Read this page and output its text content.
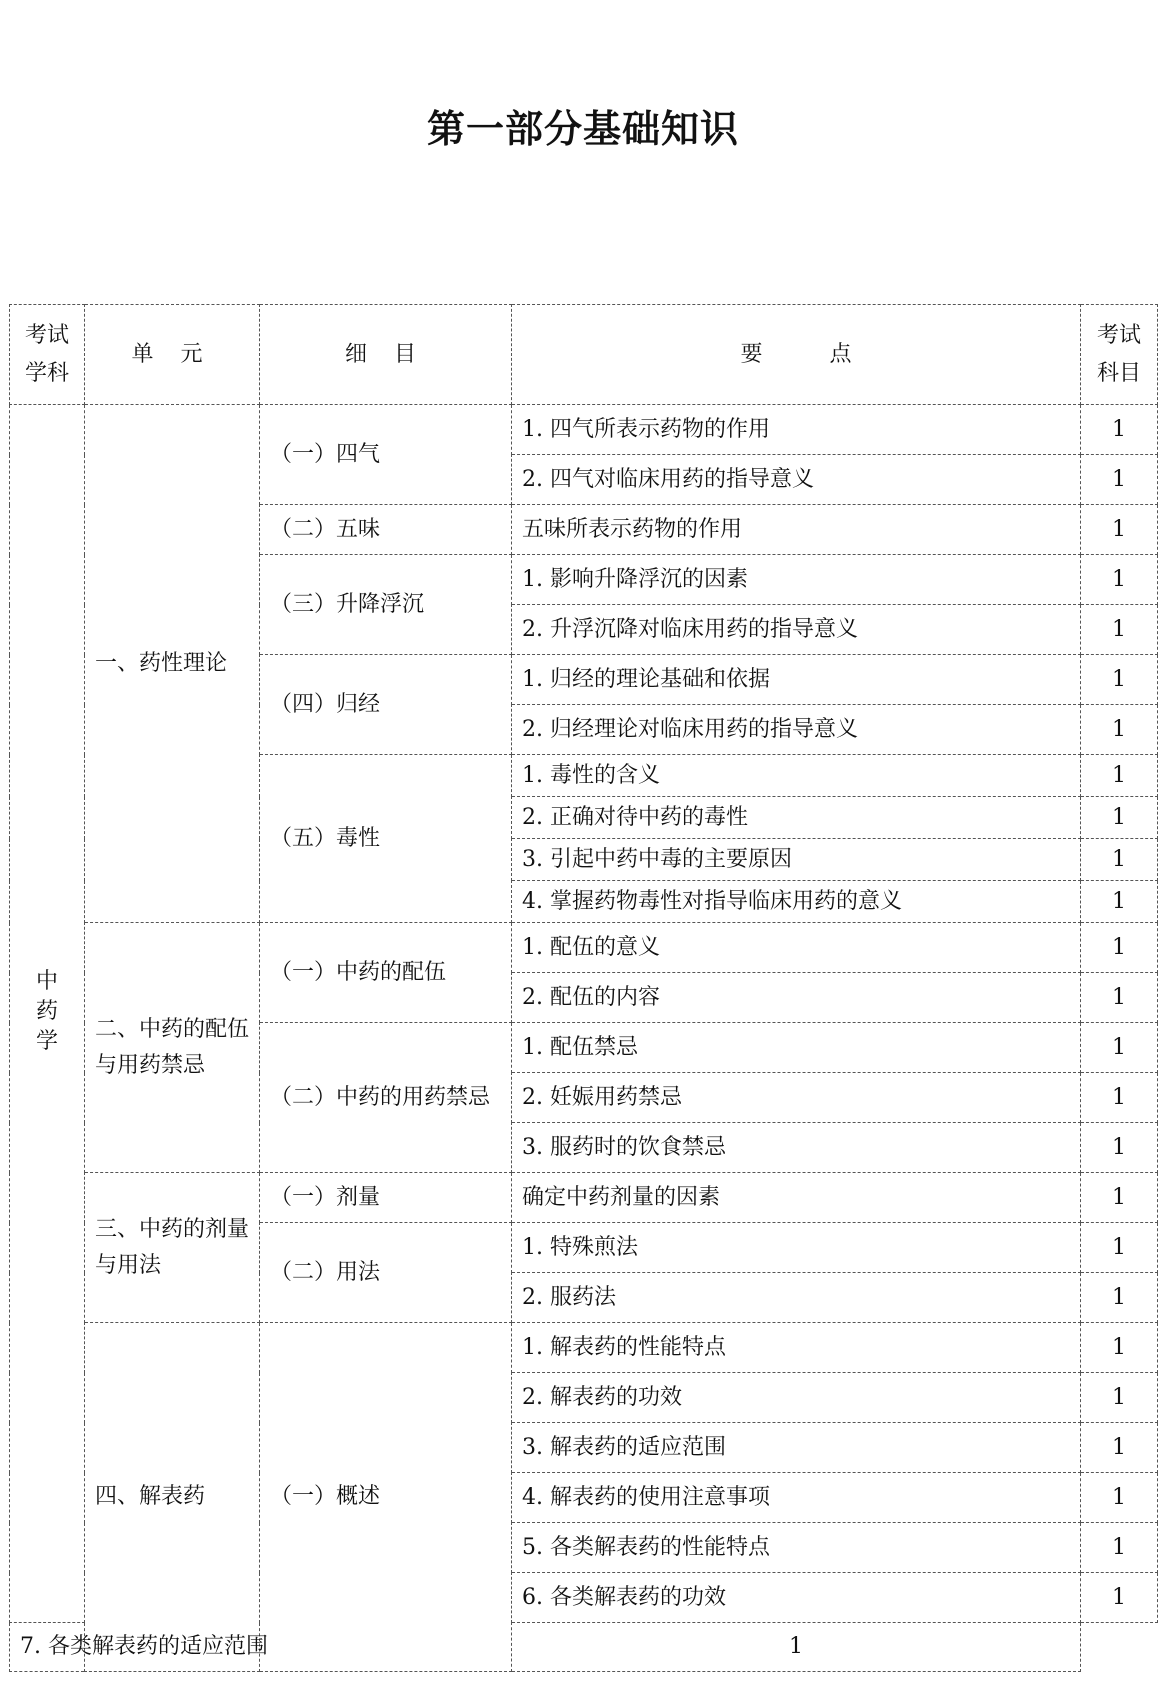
第一部分基础知识
考试学科	单 元	细 目	要 点	考试科目
中药学	一、药性理论	（一）四气	1. 四气所表示药物的作用	1
			2. 四气对临床用药的指导意义	1
		（二）五味	五味所表示药物的作用	1
		（三）升降浮沉	1. 影响升降浮沉的因素	1
			2. 升浮沉降对临床用药的指导意义	1
		（四）归经	1. 归经的理论基础和依据	1
			2. 归经理论对临床用药的指导意义	1
		（五）毒性	1. 毒性的含义	1
			2. 正确对待中药的毒性	1
			3. 引起中药中毒的主要原因	1
			4. 掌握药物毒性对指导临床用药的意义	1
	二、中药的配伍与用药禁忌	（一）中药的配伍	1. 配伍的意义	1
			2. 配伍的内容	1
		（二）中药的用药禁忌	1. 配伍禁忌	1
			2. 妊娠用药禁忌	1
			3. 服药时的饮食禁忌	1
	三、中药的剂量与用法	（一）剂量	确定中药剂量的因素	1
		（二）用法	1. 特殊煎法	1
			2. 服药法	1
	四、解表药	（一）概述	1. 解表药的性能特点	1
			2. 解表药的功效	1
			3. 解表药的适应范围	1
			4. 解表药的使用注意事项	1
			5. 各类解表药的性能特点	1
			6. 各类解表药的功效	1
7. 各类解表药的适应范围			1	
